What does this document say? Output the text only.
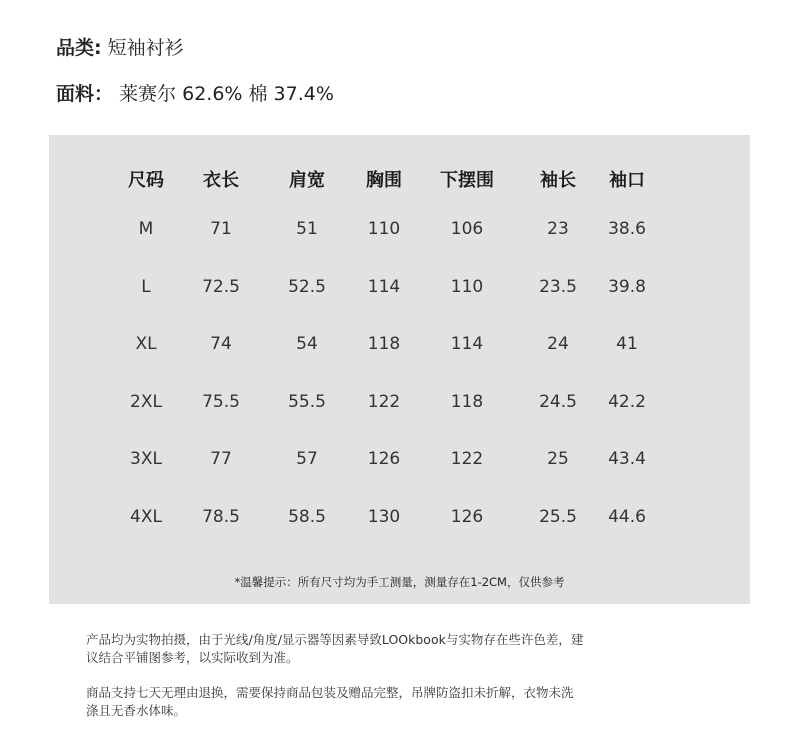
品类: 短袖衬衫
面料： 莱赛尔 62.6% 棉 37.4%
*温馨提示：所有尺寸均为手工测量，测量存在1-2CM，仅供参考
尺码	衣长	肩宽	胸围	下摆围	袖长	袖口
M	71	51	110	106	23	38.6
L	72.5	52.5	114	110	23.5	39.8
XL	74	54	118	114	24	41
2XL	75.5	55.5	122	118	24.5	42.2
3XL	77	57	126	122	25	43.4
4XL	78.5	58.5	130	126	25.5	44.6
产品均为实物拍摄，由于光线/角度/显示器等因素导致LOOkbook与实物存在些许色差，建
议结合平铺图参考，以实际收到为准。
商品支持七天无理由退换，需要保持商品包装及赠品完整，吊牌防盗扣未折解，衣物未洗
涤且无香水体味。
